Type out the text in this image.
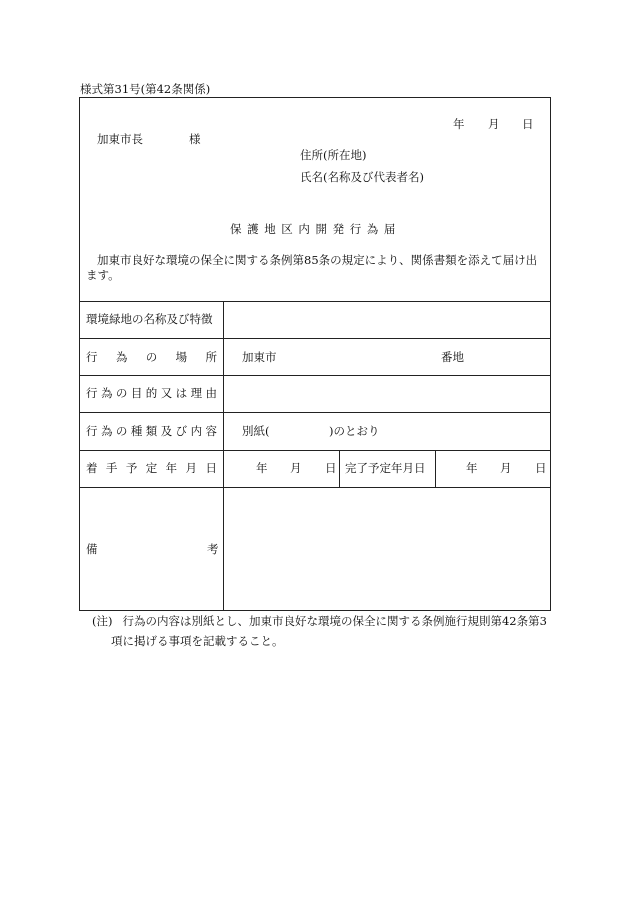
様式第31号(第42条関係)
年 月 日
加東市長	様
住所(所在地)
氏名(名称及び代表者名)
保護地区内開発行為届
加東市良好な環境の保全に関する条例第85条の規定により、関係書類を添えて届け出
ます。
環境緑地の名称及び特徴
行 為 の 場 所 加東市	番地
行 為 の 目 的 又 は 理 由
行 為 の 種 類 及 び 内 容 別紙(	)のとおり
着 手 予 定 年 月 日	年 月 日 完了予定年月日	年 月 日
備	考
(注) 行為の内容は別紙とし、加東市良好な環境の保全に関する条例施行規則第42条第3
項に掲げる事項を記載すること。
